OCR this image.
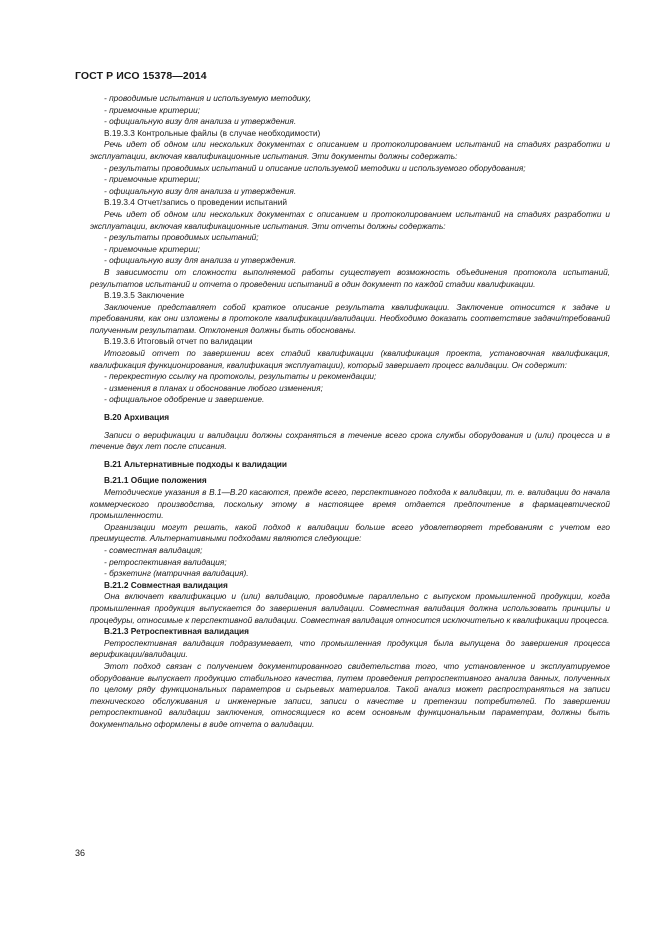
ГОСТ Р ИСО 15378—2014

- проводимые испытания и используемую методику,

- приемочные критерии;

- официальную визу для анализа и утверждения.

В.19.3.3 Контрольные файлы (в случае необходимости)

Речь идет об одном или нескольких документах с описанием и протоколированием испытаний на стадиях разработки и эксплуатации, включая квалификационные испытания. Эти документы должны содержать:

- результаты проводимых испытаний и описание используемой методики и используемого оборудования;

- приемочные критерии;

- официальную визу для анализа и утверждения.

В.19.3.4 Отчет/запись о проведении испытаний

Речь идет об одном или нескольких документах с описанием и протоколированием испытаний на стадиях разработки и эксплуатации, включая квалификационные испытания. Эти отчеты должны содержать:

- результаты проводимых испытаний;

- приемочные критерии;

- официальную визу для анализа и утверждения.

В зависимости от сложности выполняемой работы существует возможность объединения протокола испытаний, результатов испытаний и отчета о проведении испытаний в один документ по каждой стадии квалификации.

В.19.3.5 Заключение

Заключение представляет собой краткое описание результата квалификации. Заключение относится к задаче и требованиям, как они изложены в протоколе квалификации/валидации. Необходимо доказать соответствие задачи/требований полученным результатам. Отклонения должны быть обоснованы.

В.19.3.6 Итоговый отчет по валидации

Итоговый отчет по завершении всех стадий квалификации (квалификация проекта, установочная квалификация, квалификация функционирования, квалификация эксплуатации), который завершает процесс валидации. Он содержит:

- перекрестную ссылку на протоколы, результаты и рекомендации;

- изменения в планах и обоснование любого изменения;

- официальное одобрение и завершение.

В.20 Архивация

Записи о верификации и валидации должны сохраняться в течение всего срока службы оборудования и (или) процесса и в течение двух лет после списания.

В.21 Альтернативные подходы к валидации

В.21.1 Общие положения

Методические указания в В.1—В.20 касаются, прежде всего, перспективного подхода к валидации, т. е. валидации до начала коммерческого производства, поскольку этому в настоящее время отдается предпочтение в фармацевтической промышленности.

Организации могут решать, какой подход к валидации больше всего удовлетворяет требованиям с учетом его преимуществ. Альтернативными подходами являются следующие:

- совместная валидация;

- ретроспективная валидация;

- брэкетинг (матричная валидация).

В.21.2 Совместная валидация

Она включает квалификацию и (или) валидацию, проводимые параллельно с выпуском промышленной продукции, когда промышленная продукция выпускается до завершения валидации. Совместная валидация должна использовать принципы и процедуры, относимые к перспективной валидации. Совместная валидация относится исключительно к квалификации процесса.

В.21.3 Ретроспективная валидация

Ретроспективная валидация подразумевает, что промышленная продукция была выпущена до завершения процесса верификации/валидации.

Этот подход связан с получением документированного свидетельства того, что установленное и эксплуатируемое оборудование выпускает продукцию стабильного качества, путем проведения ретроспективного анализа данных, полученных по целому ряду функциональных параметров и сырьевых материалов. Такой анализ может распространяться на записи технического обслуживания и инженерные записи, записи о качестве и претензии потребителей. По завершении ретроспективной валидации заключения, относящиеся ко всем основным функциональным параметрам, должны быть документально оформлены в виде отчета о валидации.

36
